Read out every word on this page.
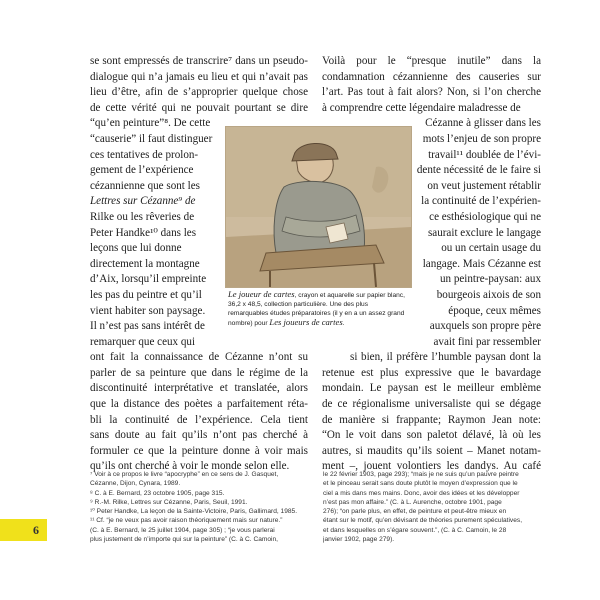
se sont empressés de transcrire⁷ dans un pseudo-
dialogue qui n’a jamais eu lieu et qui n’avait pas
lieu d’être, afin de s’approprier quelque chose
de cette vérité qui ne pouvait pourtant se dire
“qu’en peinture”⁸. De cette
“causerie” il faut distinguer
ces tentatives de prolon-
gement de l’expérience
cézannienne que sont les
Lettres sur Cézanne⁹ de
Rilke ou les rêveries de
Peter Handke¹⁰ dans les
leçons que lui donne
directement la montagne
d’Aix, lorsqu’il empreinte
les pas du peintre et qu’il
vient habiter son paysage.
Il n’est pas sans intérêt de
remarquer que ceux qui
ont fait la connaissance de Cézanne n’ont su
parler de sa peinture que dans le régime de la
discontinuité interprétative et translatée, alors
que la distance des poètes a parfaitement réta-
bli la continuité de l’expérience. Cela tient
sans doute au fait qu’ils n’ont pas cherché à
formuler ce que la peinture donne à voir mais
qu’ils ont cherché à voir le monde selon elle.
Le joueur de cartes, crayon et aquarelle sur papier blanc, 36,2 x 48,5, collection particulière. Une des plus remarquables études préparatoires (il y en a un assez grand nombre) pour Les joueurs de cartes.
Voilà pour le “presque inutile” dans la
condamnation cézannienne des causeries sur
l’art. Pas tout à fait alors? Non, si l’on cherche
à comprendre cette légendaire maladresse de
Cézanne à glisser dans les
mots l’enjeu de son propre
travail¹¹ doublée de l’évi-
dente nécessité de le faire si
on veut justement rétablir
la continuité de l’expérien-
ce esthésiologique qui ne
saurait exclure le langage
ou un certain usage du
langage. Mais Cézanne est
un peintre-paysan: aux
bourgeois aixois de son
époque, ceux mêmes
auxquels son propre père
avait fini par ressembler
si bien, il préfère l’humble paysan dont la
retenue est plus expressive que le bavardage
mondain. Le paysan est le meilleur emblème
de ce régionalisme universaliste qui se dégage
de manière si frappante; Raymon Jean note:
“On le voit dans son paletot délavé, là où les
autres, si maudits qu’ils soient – Manet notam-
ment –, jouent volontiers les dandys. Au café
⁷ Voir à ce propos le livre “apocryphe” en ce sens de J. Gasquet,
Cézanne, Dijon, Cynara, 1989.
⁸ C. à E. Bernard, 23 octobre 1905, page 315.
⁹ R.-M. Rilke, Lettres sur Cézanne, Paris, Seuil, 1991.
¹⁰ Peter Handke, La leçon de la Sainte-Victoire, Paris, Gallimard, 1985.
¹¹ Cf. “je ne veux pas avoir raison théoriquement mais sur nature.”
(C. à E. Bernard, le 25 juillet 1904, page 305) ; “je vous parlerai
plus justement de n’importe qui sur la peinture” (C. à C. Camoin,
le 22 février 1903, page 293); “mais je ne suis qu’un pauvre peintre
et le pinceau serait sans doute plutôt le moyen d’expression que le
ciel a mis dans mes mains. Donc, avoir des idées et les développer
n’est pas mon affaire.” (C. à L. Aurenche, octobre 1901, page
276); “on parle plus, en effet, de peinture et peut-être mieux en
étant sur le motif, qu’en dévisant de théories purement spéculatives,
et dans lesquelles on s’égare souvent.”, (C. à C. Camoin, le 28
janvier 1902, page 279).
6
